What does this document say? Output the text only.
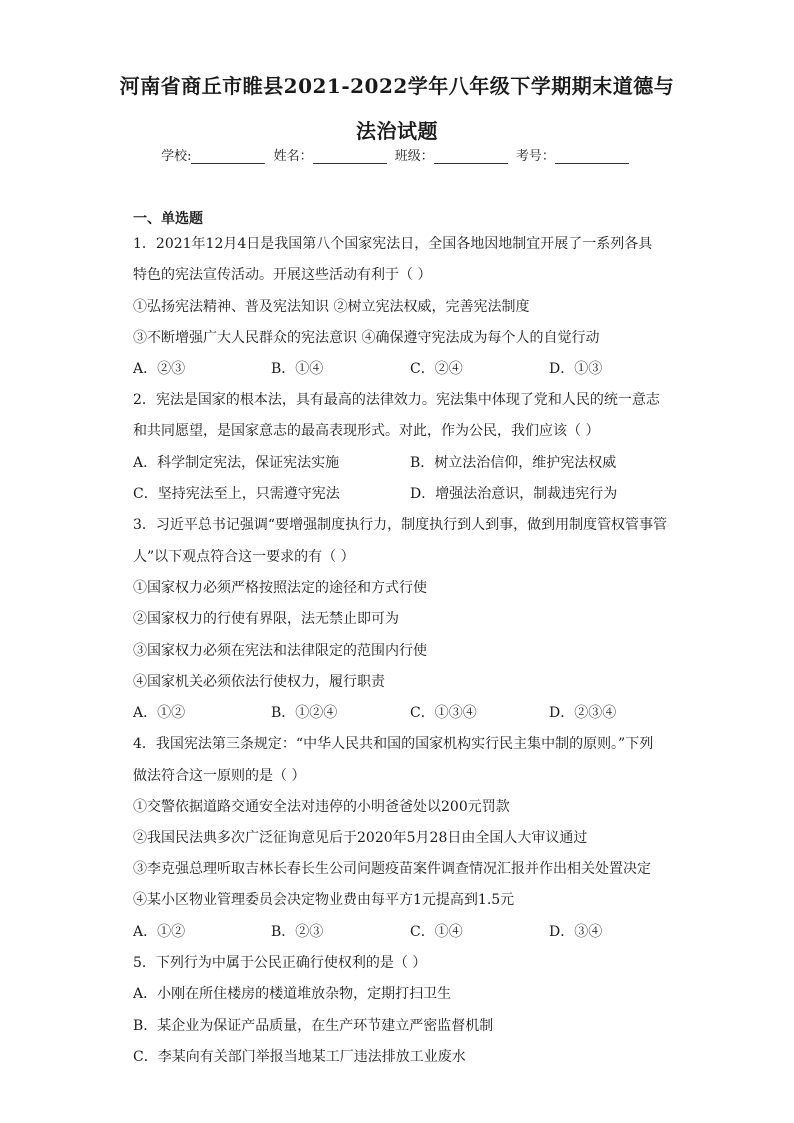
河南省商丘市睢县2021-2022学年八年级下学期期末道德与
法治试题
学校:	姓名：	班级：	考号：
一、单选题
1．2021年12月4日是我国第八个国家宪法日，全国各地因地制宜开展了一系列各具
特色的宪法宣传活动。开展这些活动有利于（ ）
①弘扬宪法精神、普及宪法知识 ②树立宪法权威，完善宪法制度
③不断增强广大人民群众的宪法意识 ④确保遵守宪法成为每个人的自觉行动
A．②③	B．①④	C．②④	D．①③
2．宪法是国家的根本法，具有最高的法律效力。宪法集中体现了党和人民的统一意志
和共同愿望，是国家意志的最高表现形式。对此，作为公民，我们应该（ ）
A．科学制定宪法，保证宪法实施	B．树立法治信仰，维护宪法权威
C．坚持宪法至上，只需遵守宪法	D．增强法治意识，制裁违宪行为
3．习近平总书记强调“要增强制度执行力，制度执行到人到事，做到用制度管权管事管
人”以下观点符合这一要求的有（ ）
①国家权力必须严格按照法定的途径和方式行使
②国家权力的行使有界限，法无禁止即可为
③国家权力必须在宪法和法律限定的范围内行使
④国家机关必须依法行使权力，履行职责
A．①②	B．①②④	C．①③④	D．②③④
4．我国宪法第三条规定：“中华人民共和国的国家机构实行民主集中制的原则。”下列
做法符合这一原则的是（ ）
①交警依据道路交通安全法对违停的小明爸爸处以200元罚款
②我国民法典多次广泛征询意见后于2020年5月28日由全国人大审议通过
③李克强总理听取吉林长春长生公司问题疫苗案件调查情况汇报并作出相关处置决定
④某小区物业管理委员会决定物业费由每平方1元提高到1.5元
A．①②	B．②③	C．①④	D．③④
5．下列行为中属于公民正确行使权利的是（ ）
A．小刚在所住楼房的楼道堆放杂物，定期打扫卫生
B．某企业为保证产品质量，在生产环节建立严密监督机制
C．李某向有关部门举报当地某工厂违法排放工业废水
